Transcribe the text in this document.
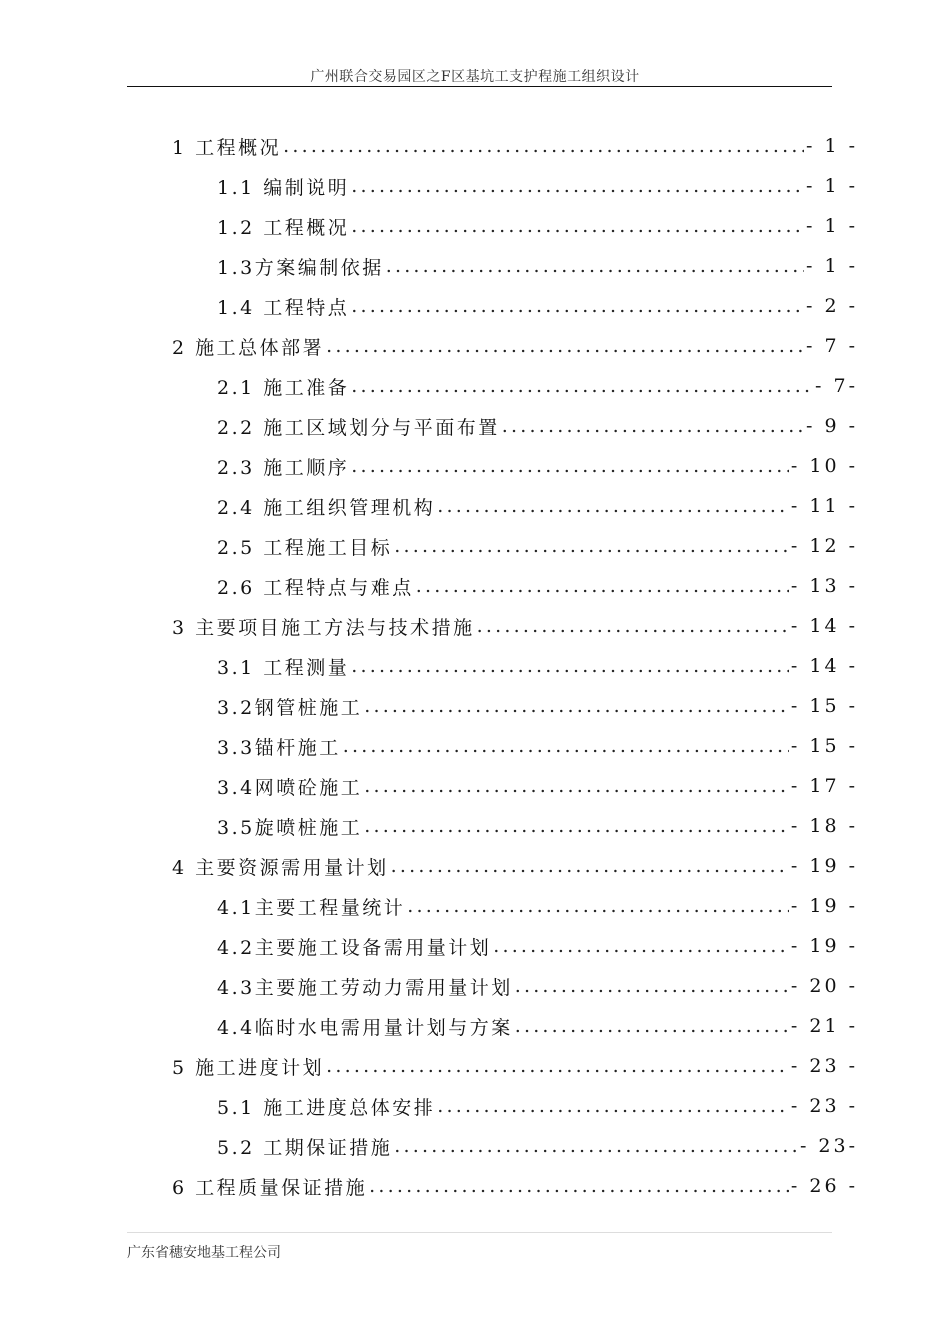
广州联合交易园区之F区基坑工支护程施工组织设计
1 工程概况 .....	- 1 -
1.1 编制说明 .....	- 1 -
1.2 工程概况 .....	- 1 -
1.3方案编制依据 .....	- 1 -
1.4 工程特点 .....	- 2 -
2 施工总体部署 .....	- 7 -
2.1 施工准备 .....	- 7-
2.2 施工区域划分与平面布置 .....	- 9 -
2.3 施工顺序 .....	- 10 -
2.4 施工组织管理机构 .....	- 11 -
2.5 工程施工目标 .....	- 12 -
2.6 工程特点与难点 .....	- 13 -
3 主要项目施工方法与技术措施 .....	- 14 -
3.1 工程测量 .....	- 14 -
3.2钢管桩施工 .....	- 15 -
3.3锚杆施工 .....	- 15 -
3.4网喷砼施工 .....	- 17 -
3.5旋喷桩施工 .....	- 18 -
4 主要资源需用量计划 .....	- 19 -
4.1主要工程量统计 .....	- 19 -
4.2主要施工设备需用量计划 .....	- 19 -
4.3主要施工劳动力需用量计划 .....	- 20 -
4.4临时水电需用量计划与方案 .....	- 21 -
5 施工进度计划 .....	- 23 -
5.1 施工进度总体安排 .....	- 23 -
5.2 工期保证措施 .....	- 23-
6 工程质量保证措施 .....	- 26 -
广东省穗安地基工程公司
